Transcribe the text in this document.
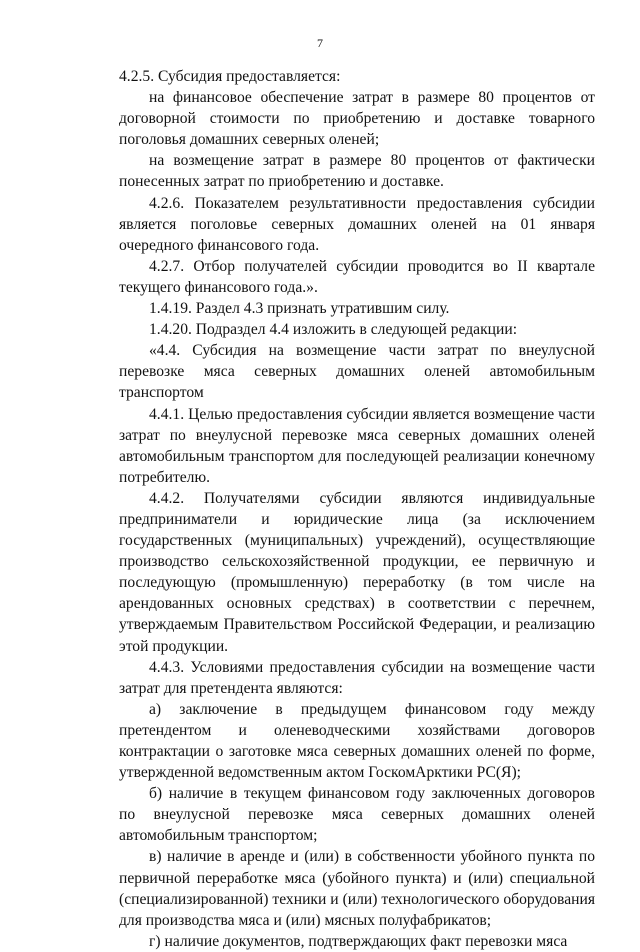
7

4.2.5. Субсидия предоставляется:

на финансовое обеспечение затрат в размере 80 процентов от договорной стоимости по приобретению и доставке товарного поголовья домашних северных оленей;

на возмещение затрат в размере 80 процентов от фактически понесенных затрат по приобретению и доставке.

4.2.6. Показателем результативности предоставления субсидии является поголовье северных домашних оленей на 01 января очередного финансового года.

4.2.7. Отбор получателей субсидии проводится во II квартале текущего финансового года.».

1.4.19. Раздел 4.3 признать утратившим силу.

1.4.20. Подраздел 4.4 изложить в следующей редакции:

«4.4. Субсидия на возмещение части затрат по внеулусной перевозке мяса северных домашних оленей автомобильным транспортом

4.4.1. Целью предоставления субсидии является возмещение части затрат по внеулусной перевозке мяса северных домашних оленей автомобильным транспортом для последующей реализации конечному потребителю.

4.4.2. Получателями субсидии являются индивидуальные предприниматели и юридические лица (за исключением государственных (муниципальных) учреждений), осуществляющие производство сельскохозяйственной продукции, ее первичную и последующую (промышленную) переработку (в том числе на арендованных основных средствах) в соответствии с перечнем, утверждаемым Правительством Российской Федерации, и реализацию этой продукции.

4.4.3. Условиями предоставления субсидии на возмещение части затрат для претендента являются:

а) заключение в предыдущем финансовом году между претендентом и оленеводческими хозяйствами договоров контрактации о заготовке мяса северных домашних оленей по форме, утвержденной ведомственным актом ГоскомАрктики РС(Я);

б) наличие в текущем финансовом году заключенных договоров по внеулусной перевозке мяса северных домашних оленей автомобильным транспортом;

в) наличие в аренде и (или) в собственности убойного пункта по первичной переработке мяса (убойного пункта) и (или) специальной (специализированной) техники и (или) технологического оборудования для производства мяса и (или) мясных полуфабрикатов;

г) наличие документов, подтверждающих факт перевозки мяса
